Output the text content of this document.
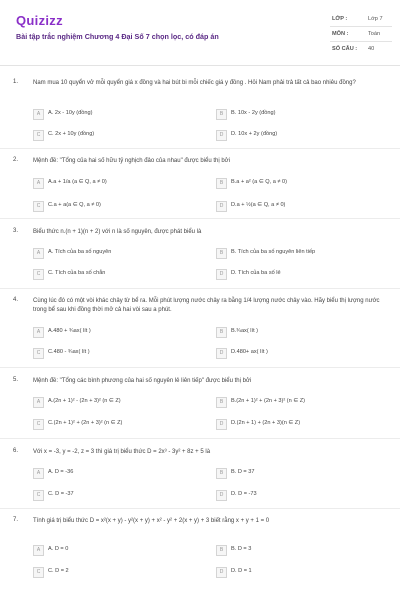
Quizizz
Bài tập trắc nghiệm Chương 4 Đại Số 7 chọn lọc, có đáp án
LỚP :	Lớp 7
MÔN :	Toán
SỐ CÂU : 40
1. Nam mua 10 quyển vở mỗi quyển giá x đồng và hai bút bi mỗi chiếc giá y đồng . Hỏi Nam phải trả tất cả bao nhiêu đồng?
A	A. 2x - 10y (đồng)	B	B. 10x - 2y (đồng)
C	C. 2x + 10y (đồng)	D	D. 10x + 2y (đồng)
2. Mệnh đề: "Tổng của hai số hữu tỷ nghịch đảo của nhau" được biểu thị bởi
A	A.a + 1/a (a ∈ Q, a ≠ 0)	B	B.a + a² (a ∈ Q, a ≠ 0)
C	C.a + a(a ∈ Q, a ≠ 0)	D	D.a + ½(a ∈ Q, a ≠ 0)
3. Biểu thức n.(n + 1)(n + 2) với n là số nguyên, được phát biểu là
A	A. Tích của ba số nguyên	B	B. Tích của ba số nguyên liên tiếp
C	C. Tích của ba số chẵn	D	D. Tích của ba số lẻ
4. Cùng lúc đó có một vòi khác chảy từ bể ra. Mỗi phút lượng nước chảy ra bằng 1/4 lượng nước chảy vào. Hãy biểu thị lượng nước trong bể sau khi đồng thời mở cả hai vòi sau a phút.
A	A.480 + ¾ax( lít )	B	B.¾ax( lít )
C	C.480 - ¾ax( lít )	D	D.480+ ax( lít )
5. Mệnh đề: "Tổng các bình phương của hai số nguyên lẻ liên tiếp" được biểu thị bởi
A	A.(2n + 1)² - (2n + 3)² (n ∈ Z)	B	B.(2n + 1)² + (2n + 3)² (n ∈ Z)
C	C.(2n + 1)² + (2n + 3)² (n ∈ Z)	D	D.(2n + 1) + (2n + 3)(n ∈ Z)
6. Với x = -3, y = -2, z = 3 thì giá trị biểu thức D = 2x³ - 3y² + 8z + 5 là
A	A. D = -36	B	B. D = 37
C	C. D = -37	D	D. D = -73
7. Tính giá trị biểu thức D = x²(x + y) - y²(x + y) + x² - y² + 2(x + y) + 3 biết rằng x + y + 1 = 0
A	A. D = 0	B	B. D = 3
C	C. D = 2	D	D. D = 1
